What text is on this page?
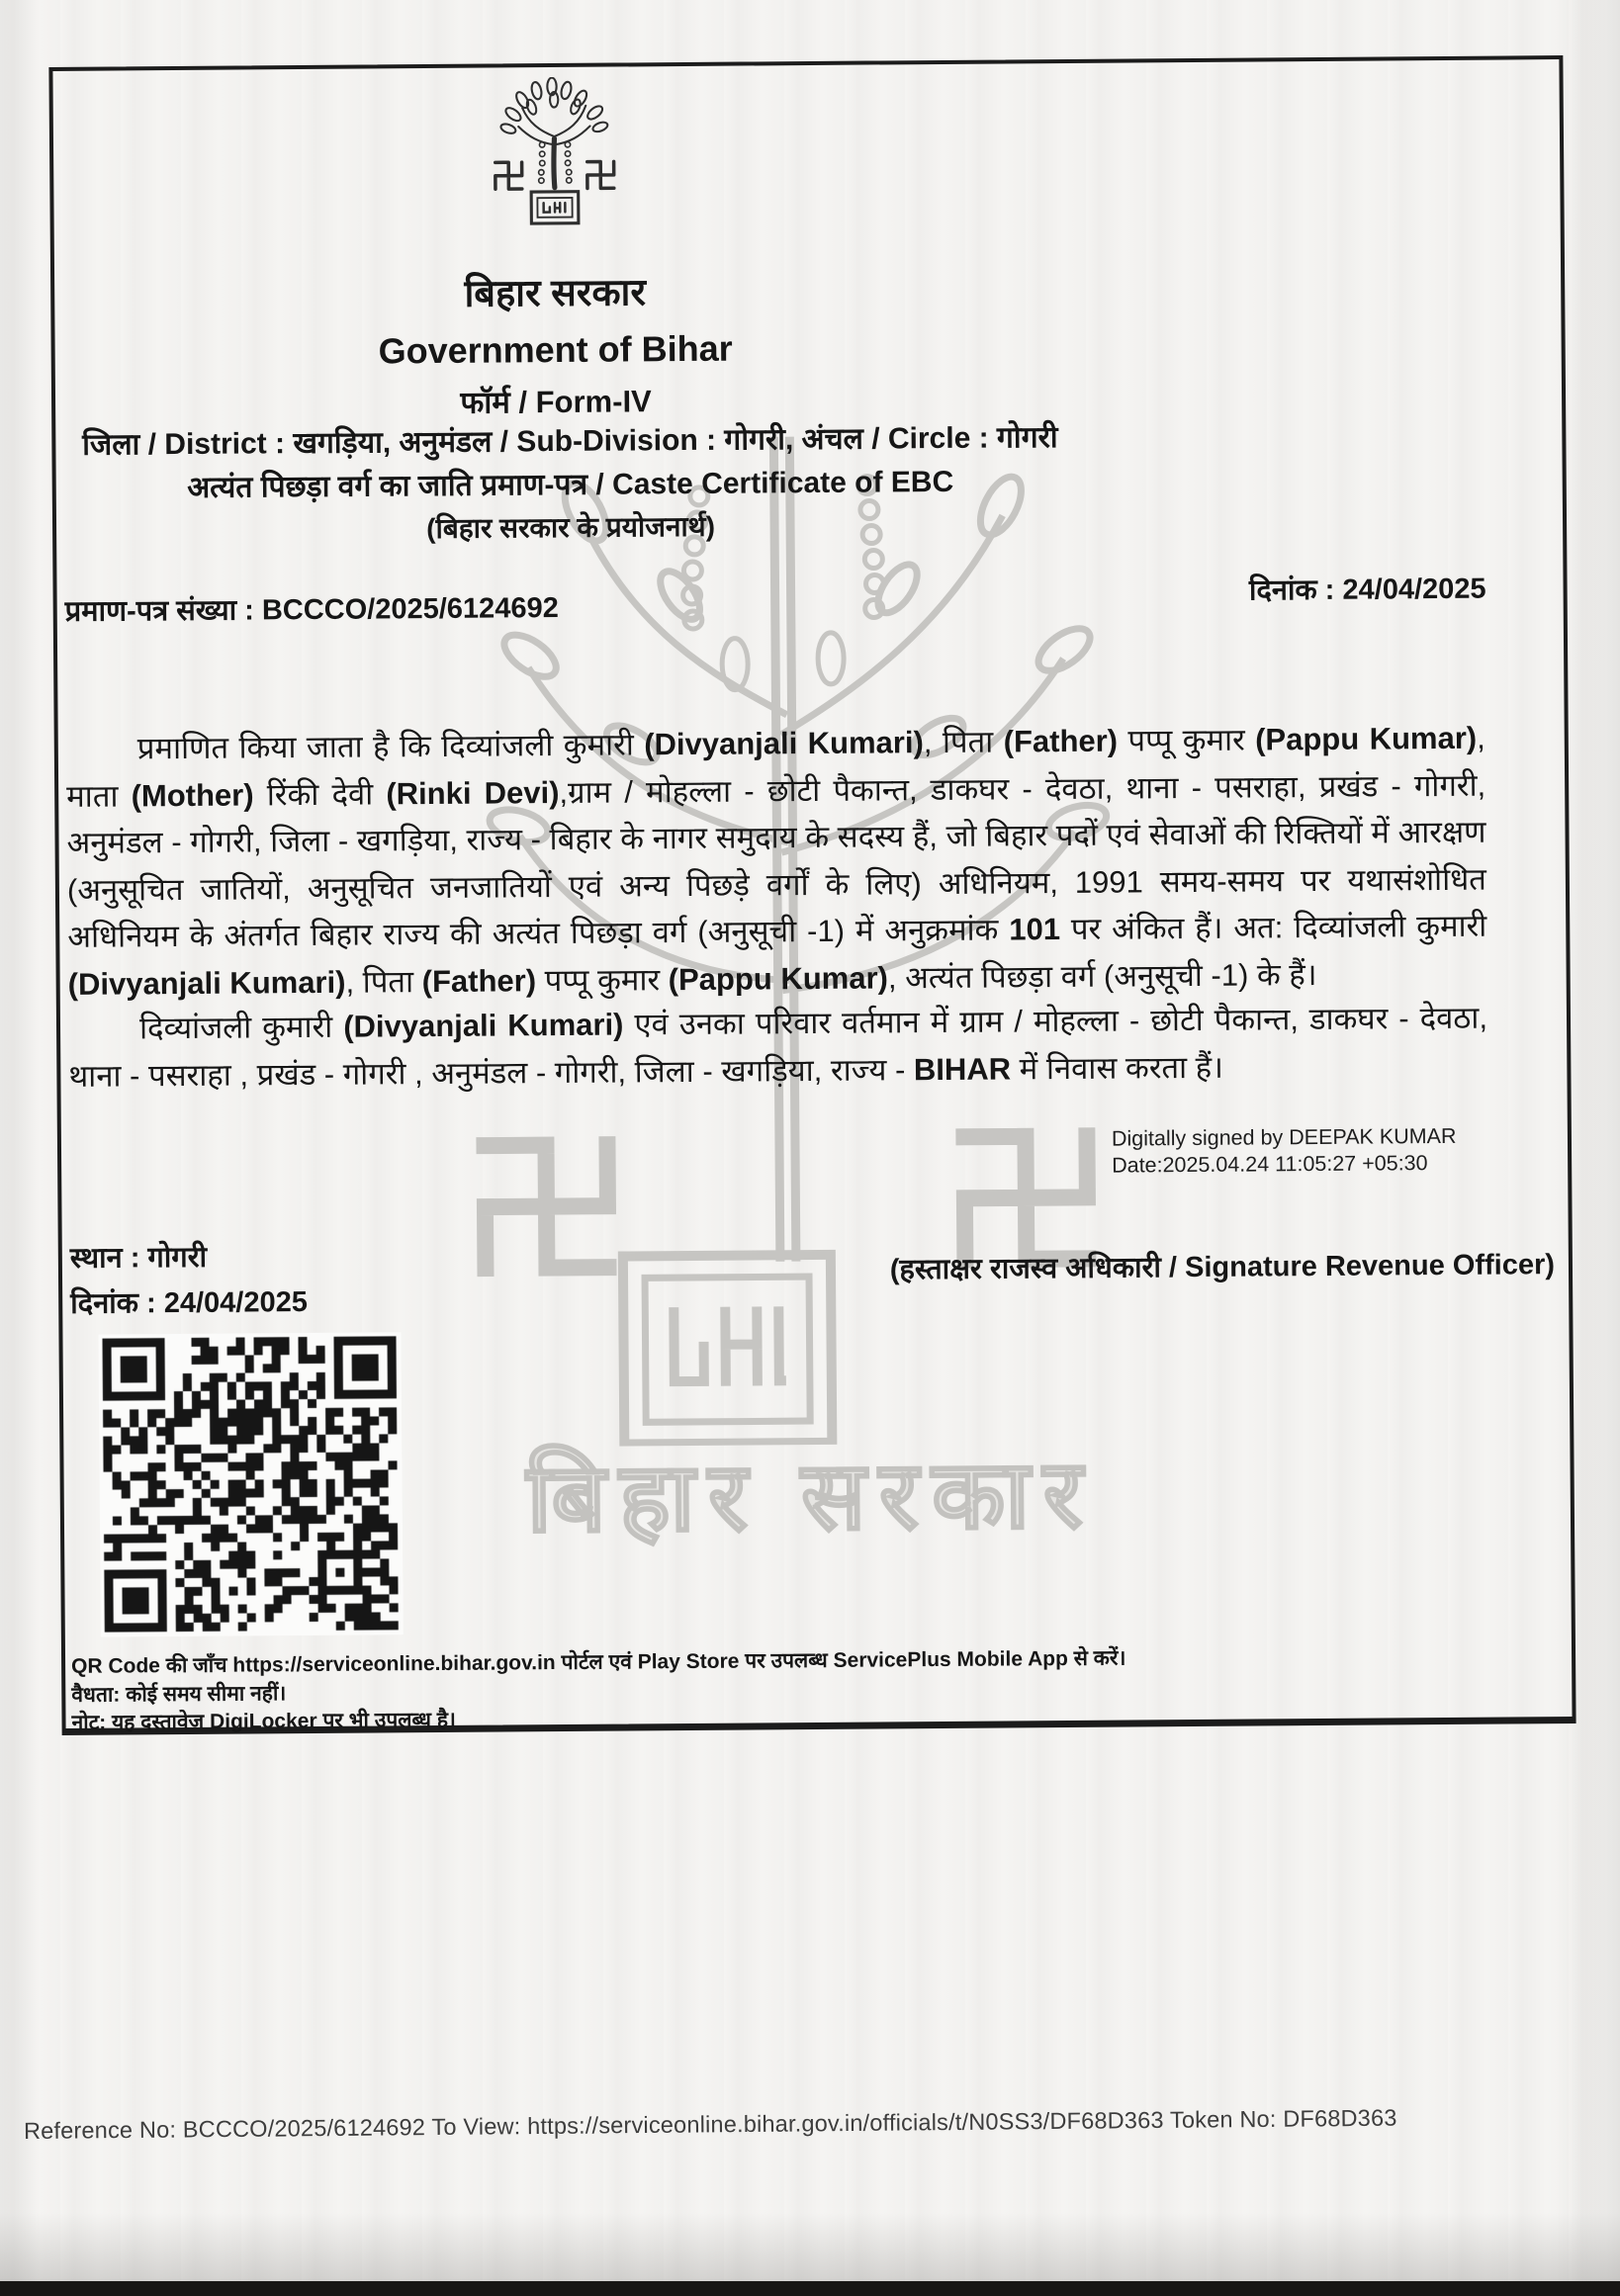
बिहार सरकार
बिहार सरकार
Government of Bihar
फॉर्म / Form-IV
जिला / District : खगड़िया, अनुमंडल / Sub-Division : गोगरी, अंचल / Circle : गोगरी
अत्यंत पिछड़ा वर्ग का जाति प्रमाण-पत्र / Caste Certificate of EBC
(बिहार सरकार के प्रयोजनार्थ)
प्रमाण-पत्र संख्या : BCCCO/2025/6124692
दिनांक : 24/04/2025
प्रमाणित किया जाता है कि दिव्यांजली कुमारी (Divyanjali Kumari), पिता (Father) पप्पू कुमार (Pappu Kumar), माता (Mother) रिंकी देवी (Rinki Devi),ग्राम / मोहल्ला - छोटी पैकान्त, डाकघर - देवठा, थाना - पसराहा, प्रखंड - गोगरी, अनुमंडल - गोगरी, जिला - खगड़िया, राज्य - बिहार के नागर समुदाय के सदस्य हैं, जो बिहार पदों एवं सेवाओं की रिक्तियों में आरक्षण (अनुसूचित जातियों, अनुसूचित जनजातियों एवं अन्य पिछड़े वर्गों के लिए) अधिनियम, 1991 समय-समय पर यथासंशोधित अधिनियम के अंतर्गत बिहार राज्य की अत्यंत पिछड़ा वर्ग (अनुसूची -1) में अनुक्रमांक 101 पर अंकित हैं। अत: दिव्यांजली कुमारी (Divyanjali Kumari), पिता (Father) पप्पू कुमार (Pappu Kumar), अत्यंत पिछड़ा वर्ग (अनुसूची -1) के हैं।
दिव्यांजली कुमारी (Divyanjali Kumari) एवं उनका परिवार वर्तमान में ग्राम / मोहल्ला - छोटी पैकान्त, डाकघर - देवठा, थाना - पसराहा , प्रखंड - गोगरी , अनुमंडल - गोगरी, जिला - खगड़िया, राज्य - BIHAR में निवास करता हैं।
Digitally signed by DEEPAK KUMAR
Date:2025.04.24 11:05:27 +05:30
स्थान : गोगरी
दिनांक : 24/04/2025
(हस्ताक्षर राजस्व अधिकारी / Signature Revenue Officer)
QR Code की जाँच https://serviceonline.bihar.gov.in पोर्टल एवं Play Store पर उपलब्ध ServicePlus Mobile App से करें।
वैधता: कोई समय सीमा नहीं।
नोट: यह दस्तावेज DigiLocker पर भी उपलब्ध है।
Reference No: BCCCO/2025/6124692 To View: https://serviceonline.bihar.gov.in/officials/t/N0SS3/DF68D363 Token No: DF68D363
